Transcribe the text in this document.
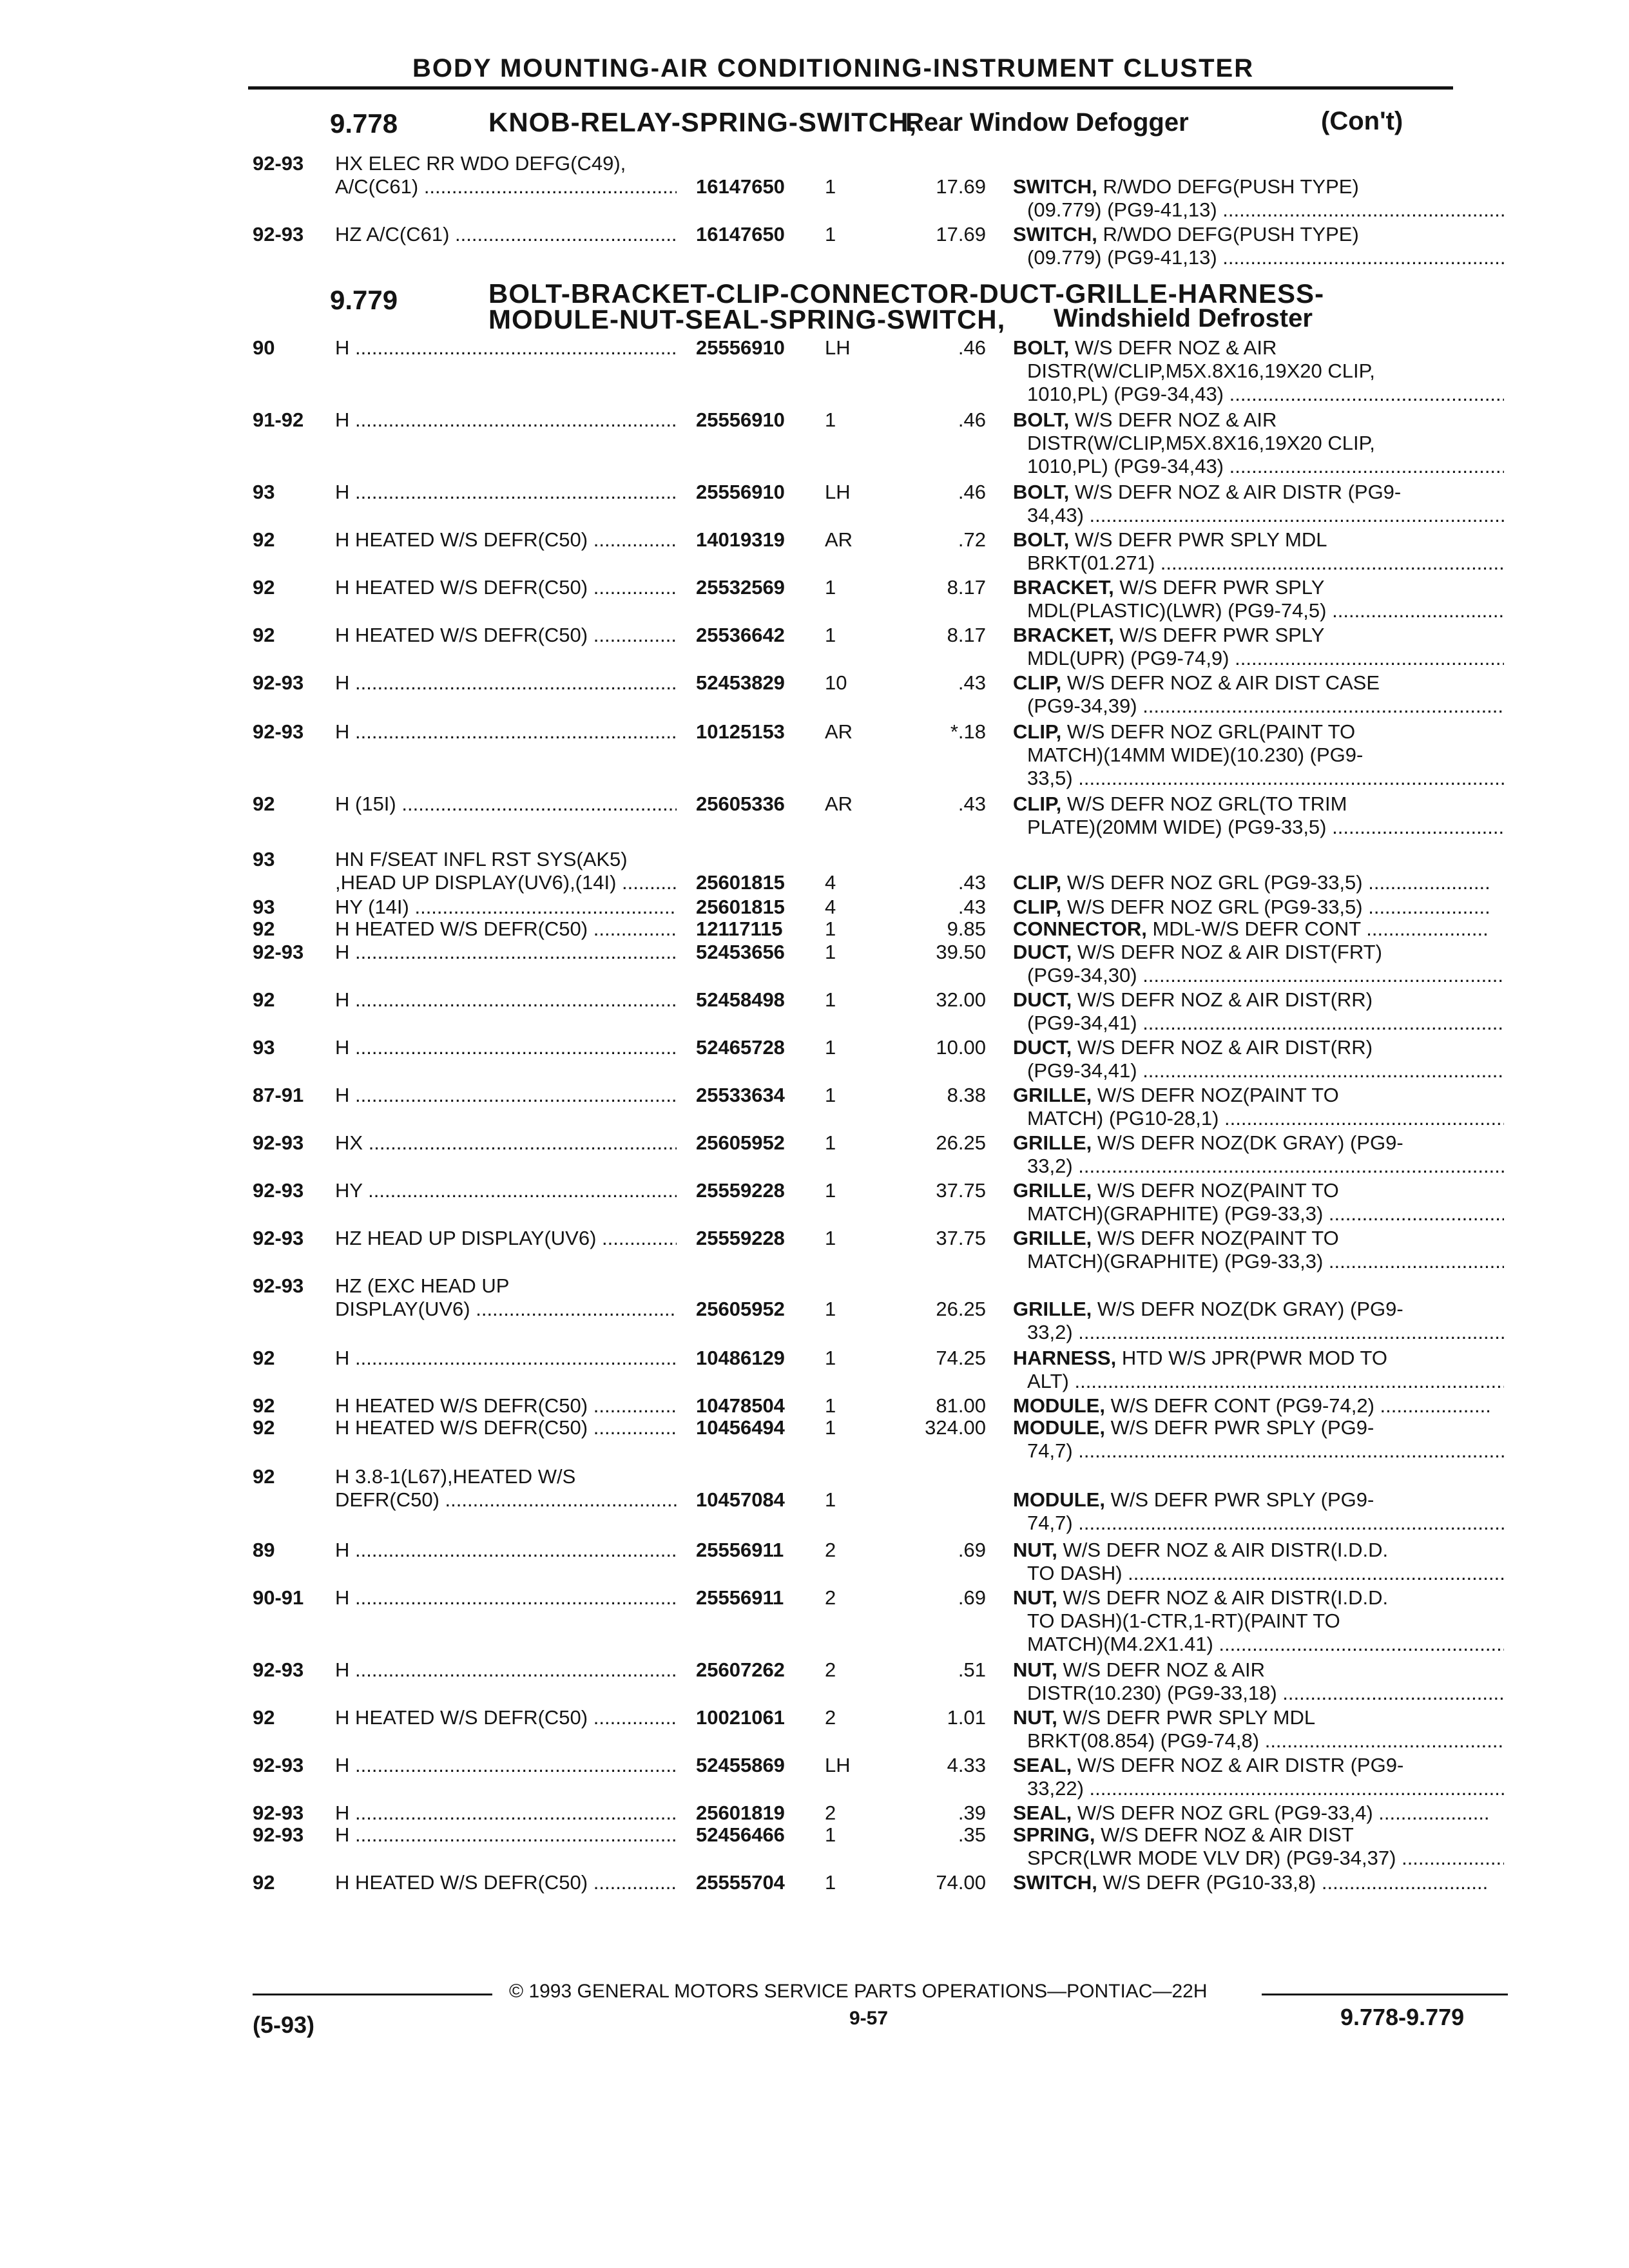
BODY MOUNTING-AIR CONDITIONING-INSTRUMENT CLUSTER
9.778	KNOB-RELAY-SPRING-SWITCH,
Rear Window Defogger	(Con't)
9.779	BOLT-BRACKET-CLIP-CONNECTOR-DUCT-GRILLE-HARNESS-
MODULE-NUT-SEAL-SPRING-SWITCH, Windshield Defroster
92-93 HX ELEC RR WDO DEFG(C49),
A/C(C61) .....	16147650 1	17.69 SWITCH, R/WDO DEFG(PUSH TYPE)
(09.779) (PG9-41,13) .....
92-93 HZ A/C(C61) .....	16147650 1	17.69 SWITCH, R/WDO DEFG(PUSH TYPE)
(09.779) (PG9-41,13) .....
90	H .....	25556910 LH	.46 BOLT, W/S DEFR NOZ & AIR
DISTR(W/CLIP,M5X.8X16,19X20 CLIP,
1010,PL) (PG9-34,43) .....
91-92 H .....	25556910 1	.46 BOLT, W/S DEFR NOZ & AIR
DISTR(W/CLIP,M5X.8X16,19X20 CLIP,
1010,PL) (PG9-34,43) .....
93	H .....	25556910 LH	.46 BOLT, W/S DEFR NOZ & AIR DISTR (PG9-
34,43) .....
92	H HEATED W/S DEFR(C50) .....	14019319 AR	.72 BOLT, W/S DEFR PWR SPLY MDL
BRKT(01.271) .....
92	H HEATED W/S DEFR(C50) .....	25532569 1	8.17 BRACKET, W/S DEFR PWR SPLY
MDL(PLASTIC)(LWR) (PG9-74,5) .....
92	H HEATED W/S DEFR(C50) .....	25536642 1	8.17 BRACKET, W/S DEFR PWR SPLY
MDL(UPR) (PG9-74,9) .....
92-93 H .....	52453829 10	.43 CLIP, W/S DEFR NOZ & AIR DIST CASE
(PG9-34,39) .....
92-93 H .....	10125153 AR	*.18 CLIP, W/S DEFR NOZ GRL(PAINT TO
MATCH)(14MM WIDE)(10.230) (PG9-
33,5) .....
92	H (15I) .....	25605336 AR	.43 CLIP, W/S DEFR NOZ GRL(TO TRIM
PLATE)(20MM WIDE) (PG9-33,5) .....
93	HN F/SEAT INFL RST SYS(AK5)
,HEAD UP DISPLAY(UV6),(14I) .....	25601815 4	.43 CLIP, W/S DEFR NOZ GRL (PG9-33,5) .....
93	HY (14I) .....	25601815 4	.43 CLIP, W/S DEFR NOZ GRL (PG9-33,5) .....
92	H HEATED W/S DEFR(C50) .....	12117115 1	9.85 CONNECTOR, MDL-W/S DEFR CONT .....
92-93 H .....	52453656 1	39.50 DUCT, W/S DEFR NOZ & AIR DIST(FRT)
(PG9-34,30) .....
92	H .....	52458498 1	32.00 DUCT, W/S DEFR NOZ & AIR DIST(RR)
(PG9-34,41) .....
93	H .....	52465728 1	10.00 DUCT, W/S DEFR NOZ & AIR DIST(RR)
(PG9-34,41) .....
87-91 H .....	25533634 1	8.38 GRILLE, W/S DEFR NOZ(PAINT TO
MATCH) (PG10-28,1) .....
92-93 HX .....	25605952 1	26.25 GRILLE, W/S DEFR NOZ(DK GRAY) (PG9-
33,2) .....
92-93 HY .....	25559228 1	37.75 GRILLE, W/S DEFR NOZ(PAINT TO
MATCH)(GRAPHITE) (PG9-33,3) .....
92-93 HZ HEAD UP DISPLAY(UV6) .....	25559228 1	37.75 GRILLE, W/S DEFR NOZ(PAINT TO
MATCH)(GRAPHITE) (PG9-33,3) .....
92-93 HZ (EXC HEAD UP
DISPLAY(UV6) .....	25605952 1	26.25 GRILLE, W/S DEFR NOZ(DK GRAY) (PG9-
33,2) .....
92	H .....	10486129 1	74.25 HARNESS, HTD W/S JPR(PWR MOD TO
ALT) .....
92	H HEATED W/S DEFR(C50) .....	10478504 1	81.00 MODULE, W/S DEFR CONT (PG9-74,2) .....
92	H HEATED W/S DEFR(C50) .....	10456494 1	324.00 MODULE, W/S DEFR PWR SPLY (PG9-
74,7) .....
92	H 3.8-1(L67),HEATED W/S
DEFR(C50) .....	10457084 1	MODULE, W/S DEFR PWR SPLY (PG9-
74,7) .....
89	H .....	25556911 2	.69 NUT, W/S DEFR NOZ & AIR DISTR(I.D.D.
TO DASH) .....
90-91 H .....	25556911 2	.69 NUT, W/S DEFR NOZ & AIR DISTR(I.D.D.
TO DASH)(1-CTR,1-RT)(PAINT TO
MATCH)(M4.2X1.41) .....
92-93 H .....	25607262 2	.51 NUT, W/S DEFR NOZ & AIR
DISTR(10.230) (PG9-33,18) .....
92	H HEATED W/S DEFR(C50) .....	10021061 2	1.01 NUT, W/S DEFR PWR SPLY MDL
BRKT(08.854) (PG9-74,8) .....
92-93 H .....	52455869 LH	4.33 SEAL, W/S DEFR NOZ & AIR DISTR (PG9-
33,22) .....
92-93 H .....	25601819 2	.39 SEAL, W/S DEFR NOZ GRL (PG9-33,4) .....
92-93 H .....	52456466 1	.35 SPRING, W/S DEFR NOZ & AIR DIST
SPCR(LWR MODE VLV DR) (PG9-34,37) .....
92	H HEATED W/S DEFR(C50) .....	25555704 1	74.00 SWITCH, W/S DEFR (PG10-33,8) .....
© 1993 GENERAL MOTORS SERVICE PARTS OPERATIONS—PONTIAC—22H
9-57
(5-93)	9.778-9.779
